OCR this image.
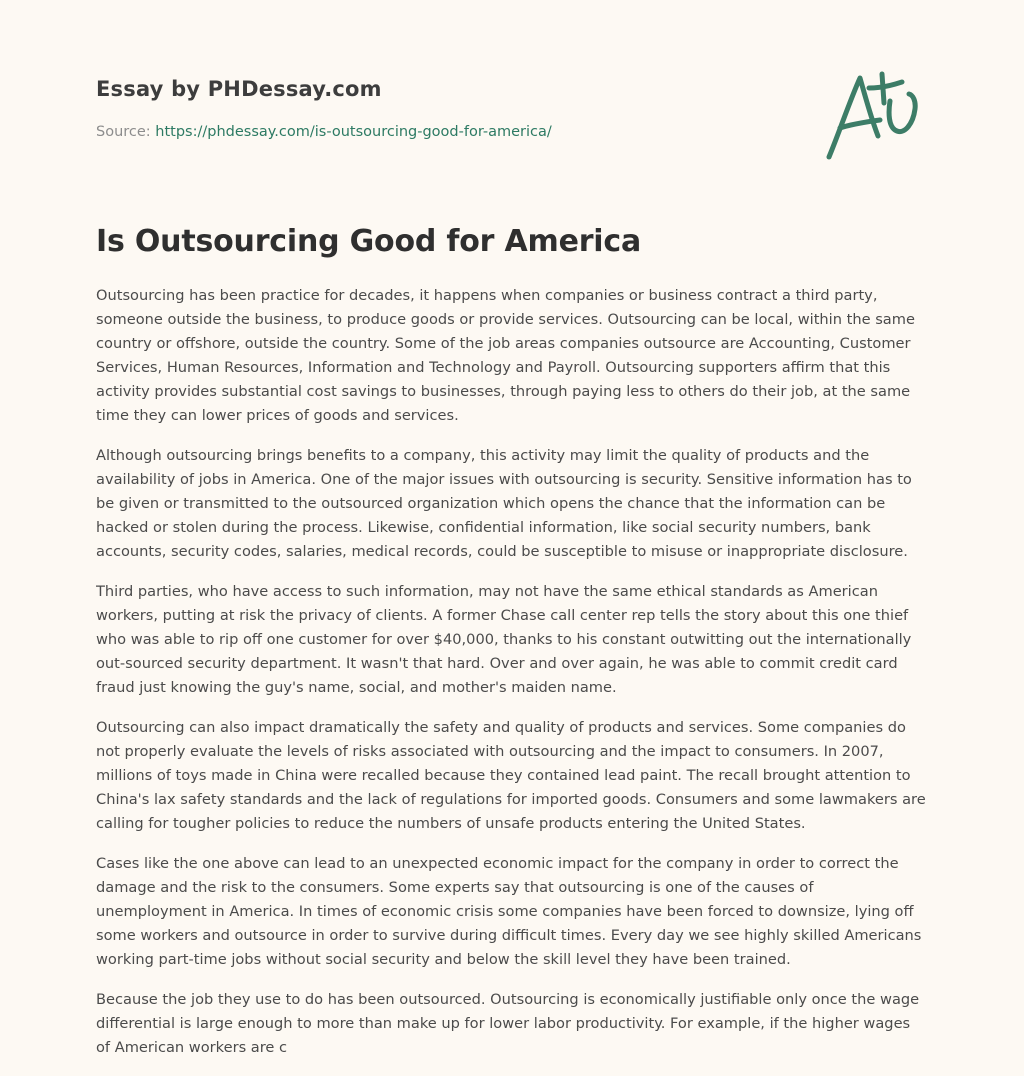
Essay by PHDessay.com
Source: https://phdessay.com/is-outsourcing-good-for-america/
Is Outsourcing Good for America

Outsourcing has been practice for decades, it happens when companies or business contract a third party, someone outside the business, to produce goods or provide services. Outsourcing can be local, within the same country or offshore, outside the country. Some of the job areas companies outsource are Accounting, Customer Services, Human Resources, Information and Technology and Payroll. Outsourcing supporters affirm that this activity provides substantial cost savings to businesses, through paying less to others do their job, at the same time they can lower prices of goods and services.

Although outsourcing brings benefits to a company, this activity may limit the quality of products and the availability of jobs in America. One of the major issues with outsourcing is security. Sensitive information has to be given or transmitted to the outsourced organization which opens the chance that the information can be hacked or stolen during the process. Likewise, confidential information, like social security numbers, bank accounts, security codes, salaries, medical records, could be susceptible to misuse or inappropriate disclosure.

Third parties, who have access to such information, may not have the same ethical standards as American workers, putting at risk the privacy of clients. A former Chase call center rep tells the story about this one thief who was able to rip off one customer for over $40,000, thanks to his constant outwitting out the internationally out-sourced security department. It wasn't that hard. Over and over again, he was able to commit credit card fraud just knowing the guy's name, social, and mother's maiden name.

Outsourcing can also impact dramatically the safety and quality of products and services. Some companies do not properly evaluate the levels of risks associated with outsourcing and the impact to consumers. In 2007, millions of toys made in China were recalled because they contained lead paint. The recall brought attention to China's lax safety standards and the lack of regulations for imported goods. Consumers and some lawmakers are calling for tougher policies to reduce the numbers of unsafe products entering the United States.

Cases like the one above can lead to an unexpected economic impact for the company in order to correct the damage and the risk to the consumers. Some experts say that outsourcing is one of the causes of unemployment in America. In times of economic crisis some companies have been forced to downsize, lying off some workers and outsource in order to survive during difficult times. Every day we see highly skilled Americans working part-time jobs without social security and below the skill level they have been trained.

Because the job they use to do has been outsourced. Outsourcing is economically justifiable only once the wage differential is large enough to more than make up for lower labor productivity. For example, if the higher wages of American workers are c
